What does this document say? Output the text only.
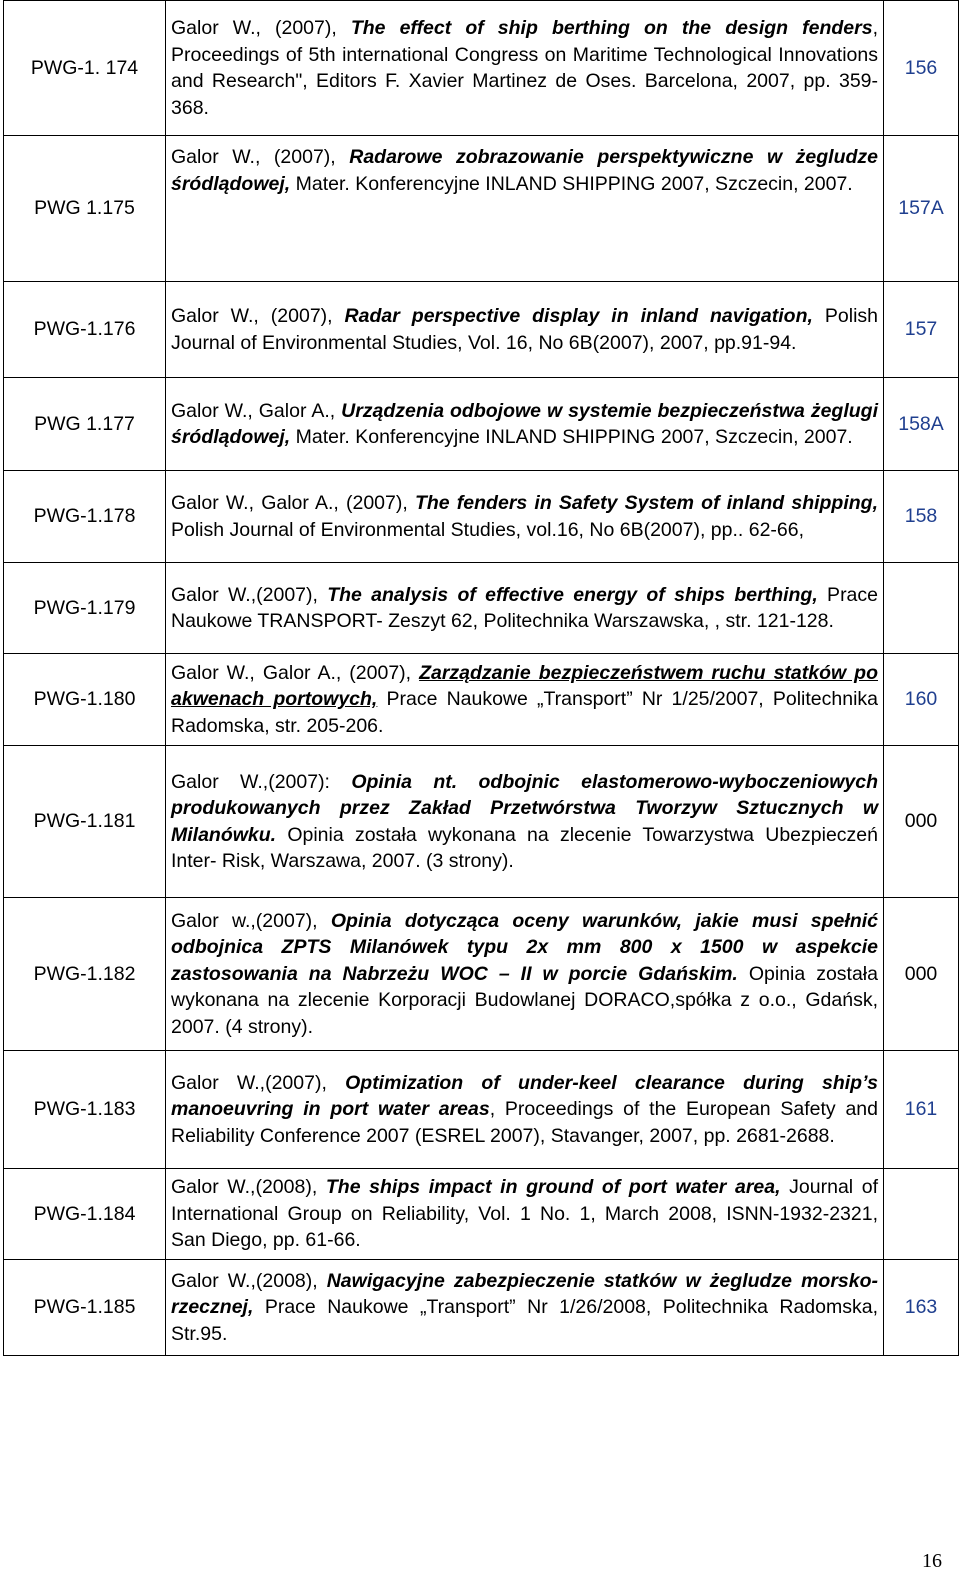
PWG-1. 174	Galor W., (2007), The effect of ship berthing on the design fenders, Proceedings of 5th international Congress on Maritime Technological Innovations and Research", Editors F. Xavier Martinez de Oses. Barcelona, 2007, pp. 359-368.	156
PWG 1.175	Galor W., (2007), Radarowe zobrazowanie perspektywiczne w żegludze śródlądowej, Mater. Konferencyjne INLAND SHIPPING 2007, Szczecin, 2007.	157A
PWG-1.176	Galor W., (2007), Radar perspective display in inland navigation, Polish Journal of Environmental Studies, Vol. 16, No 6B(2007), 2007, pp.91-94.	157
PWG 1.177	Galor W., Galor A., Urządzenia odbojowe w systemie bezpieczeństwa żeglugi śródlądowej, Mater. Konferencyjne INLAND SHIPPING 2007, Szczecin, 2007.	158A
PWG-1.178	Galor W., Galor A., (2007), The fenders in Safety System of inland shipping, Polish Journal of Environmental Studies, vol.16, No 6B(2007), pp.. 62-66,	158
PWG-1.179	Galor W.,(2007), The analysis of effective energy of ships berthing, Prace Naukowe TRANSPORT- Zeszyt 62, Politechnika Warszawska, , str. 121-128.	
PWG-1.180	Galor W., Galor A., (2007), Zarządzanie bezpieczeństwem ruchu statków po akwenach portowych, Prace Naukowe „Transport” Nr 1/25/2007, Politechnika Radomska, str. 205-206.	160
PWG-1.181	Galor W.,(2007): Opinia nt. odbojnic elastomerowo-wyboczeniowych produkowanych przez Zakład Przetwórstwa Tworzyw Sztucznych w Milanówku. Opinia została wykonana na zlecenie Towarzystwa Ubezpieczeń Inter- Risk, Warszawa, 2007. (3 strony).	000
PWG-1.182	Galor w.,(2007), Opinia dotycząca oceny warunków, jakie musi spełnić odbojnica ZPTS Milanówek typu 2x mm 800 x 1500 w aspekcie zastosowania na Nabrzeżu WOC – II w porcie Gdańskim. Opinia została wykonana na zlecenie Korporacji Budowlanej DORACO,spółka z o.o., Gdańsk, 2007. (4 strony).	000
PWG-1.183	Galor W.,(2007), Optimization of under-keel clearance during ship’s manoeuvring in port water areas, Proceedings of the European Safety and Reliability Conference 2007 (ESREL 2007), Stavanger, 2007, pp. 2681-2688.	161
PWG-1.184	Galor W.,(2008), The ships impact in ground of port water area, Journal of International Group on Reliability, Vol. 1 No. 1, March 2008, ISNN-1932-2321, San Diego, pp. 61-66.	
PWG-1.185	Galor W.,(2008), Nawigacyjne zabezpieczenie statków w żegludze morsko-rzecznej, Prace Naukowe „Transport” Nr 1/26/2008, Politechnika Radomska, Str.95.	163
16
